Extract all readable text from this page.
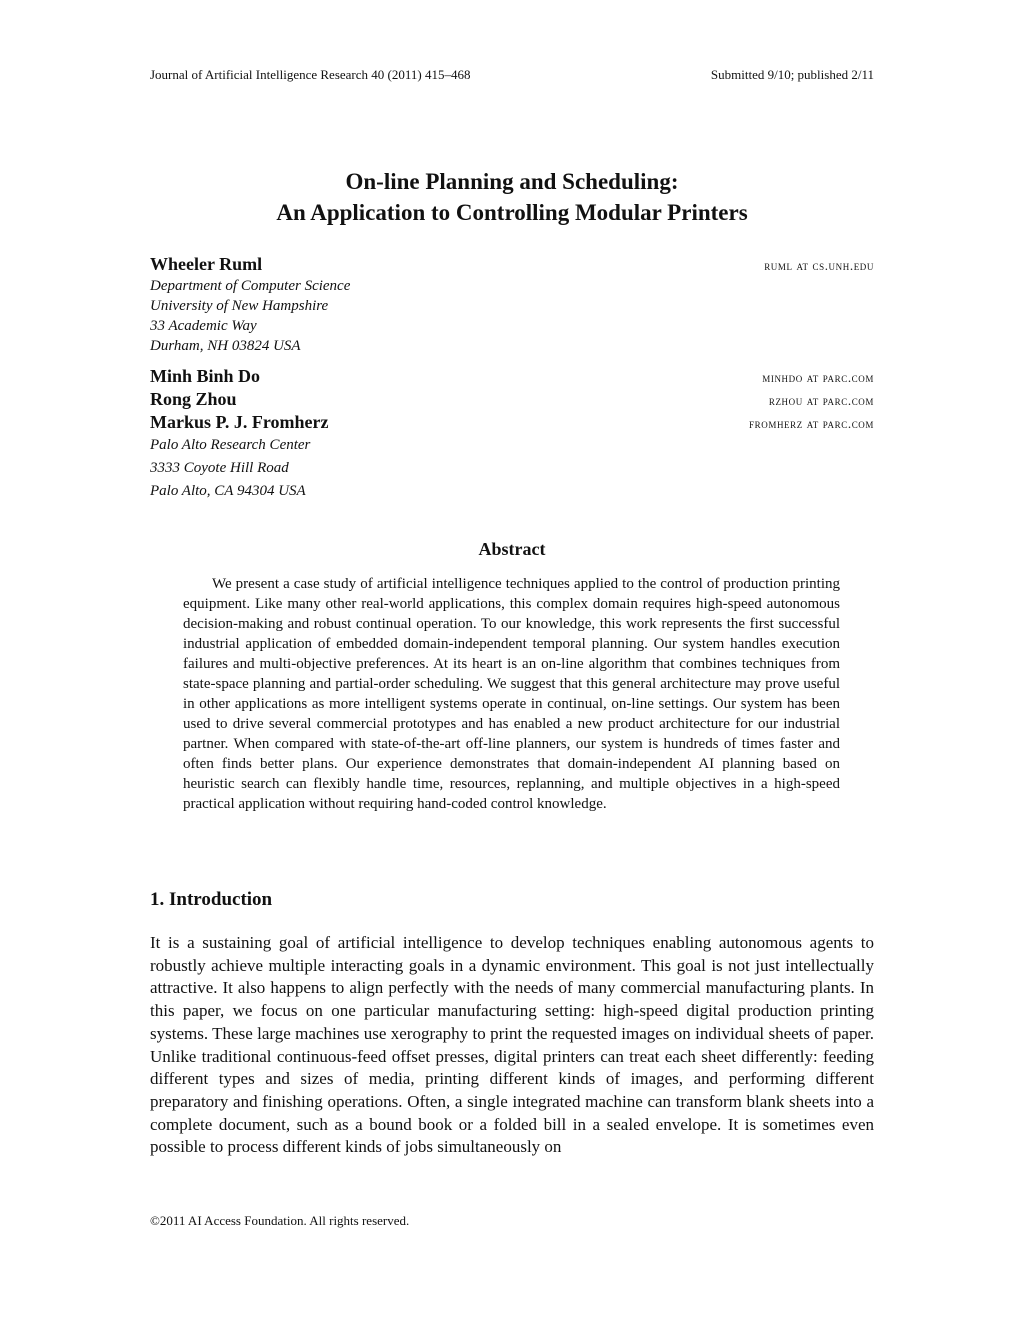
Journal of Artificial Intelligence Research 40 (2011) 415–468	Submitted 9/10; published 2/11
On-line Planning and Scheduling:
An Application to Controlling Modular Printers
Wheeler Ruml	ruml at cs.unh.edu
Department of Computer Science
University of New Hampshire
33 Academic Way
Durham, NH 03824 USA
Minh Binh Do	minhdo at parc.com
Rong Zhou	rzhou at parc.com
Markus P. J. Fromherz	fromherz at parc.com
Palo Alto Research Center
3333 Coyote Hill Road
Palo Alto, CA 94304 USA
Abstract
We present a case study of artificial intelligence techniques applied to the control of production printing equipment. Like many other real-world applications, this complex domain requires high-speed autonomous decision-making and robust continual operation. To our knowledge, this work represents the first successful industrial application of embedded domain-independent temporal planning. Our system handles execution failures and multi-objective preferences. At its heart is an on-line algorithm that combines techniques from state-space planning and partial-order scheduling. We suggest that this general architecture may prove useful in other applications as more intelligent systems operate in continual, on-line settings. Our system has been used to drive several commercial prototypes and has enabled a new product architecture for our industrial partner. When compared with state-of-the-art off-line planners, our system is hundreds of times faster and often finds better plans. Our experience demonstrates that domain-independent AI planning based on heuristic search can flexibly handle time, resources, replanning, and multiple objectives in a high-speed practical application without requiring hand-coded control knowledge.
1. Introduction
It is a sustaining goal of artificial intelligence to develop techniques enabling autonomous agents to robustly achieve multiple interacting goals in a dynamic environment. This goal is not just intellectually attractive. It also happens to align perfectly with the needs of many commercial manufacturing plants. In this paper, we focus on one particular manufacturing setting: high-speed digital production printing systems. These large machines use xerography to print the requested images on individual sheets of paper. Unlike traditional continuous-feed offset presses, digital printers can treat each sheet differently: feeding different types and sizes of media, printing different kinds of images, and performing different preparatory and finishing operations. Often, a single integrated machine can transform blank sheets into a complete document, such as a bound book or a folded bill in a sealed envelope. It is sometimes even possible to process different kinds of jobs simultaneously on
©2011 AI Access Foundation. All rights reserved.
